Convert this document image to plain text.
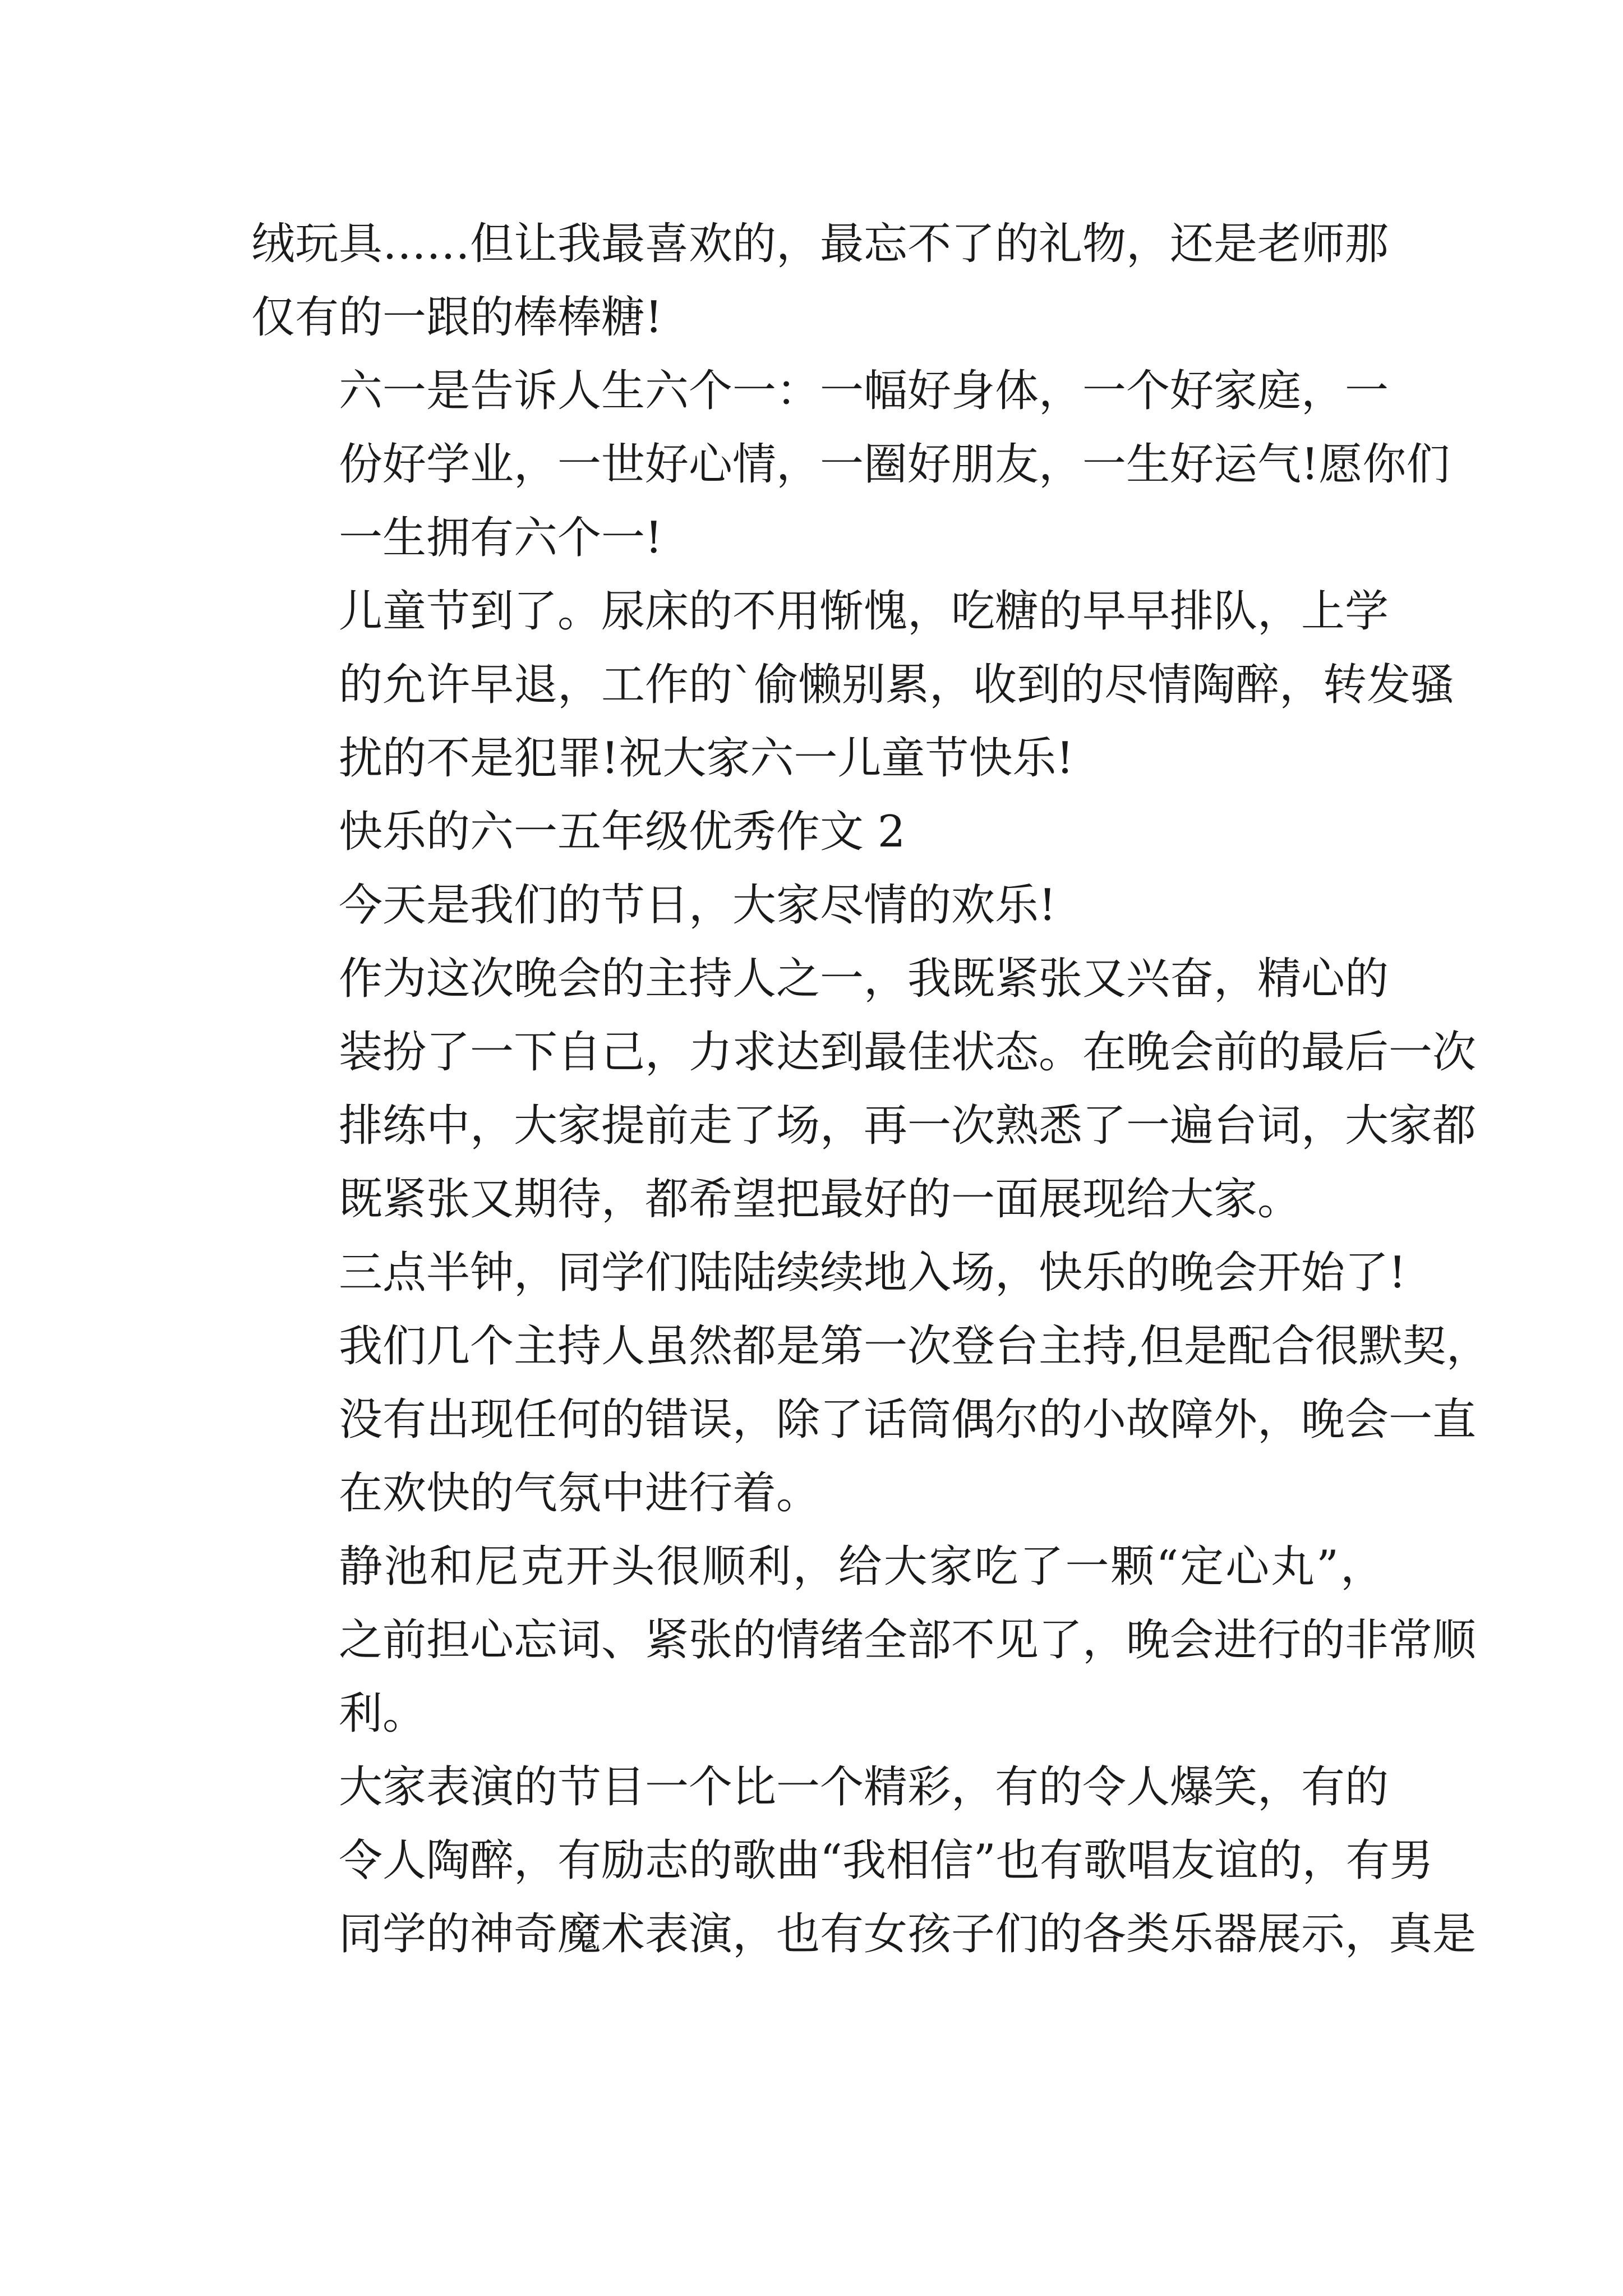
绒玩具……但让我最喜欢的，最忘不了的礼物，还是老师那
仅有的一跟的棒棒糖!
六一是告诉人生六个一：一幅好身体，一个好家庭，一
份好学业，一世好心情，一圈好朋友，一生好运气!愿你们
一生拥有六个一!
儿童节到了。尿床的不用惭愧，吃糖的早早排队，上学
的允许早退，工作的`偷懒别累，收到的尽情陶醉，转发骚
扰的不是犯罪!祝大家六一儿童节快乐!
快乐的六一五年级优秀作文 2
今天是我们的节日，大家尽情的欢乐!
作为这次晚会的主持人之一，我既紧张又兴奋，精心的
装扮了一下自己，力求达到最佳状态。在晚会前的最后一次
排练中，大家提前走了场，再一次熟悉了一遍台词，大家都
既紧张又期待，都希望把最好的一面展现给大家。
三点半钟，同学们陆陆续续地入场，快乐的晚会开始了!
我们几个主持人虽然都是第一次登台主持,但是配合很默契，
没有出现任何的错误，除了话筒偶尔的小故障外，晚会一直
在欢快的气氛中进行着。
静池和尼克开头很顺利，给大家吃了一颗“定心丸”，
之前担心忘词、紧张的情绪全部不见了，晚会进行的非常顺
利。
大家表演的节目一个比一个精彩，有的令人爆笑，有的
令人陶醉，有励志的歌曲“我相信”也有歌唱友谊的，有男
同学的神奇魔术表演，也有女孩子们的各类乐器展示，真是
